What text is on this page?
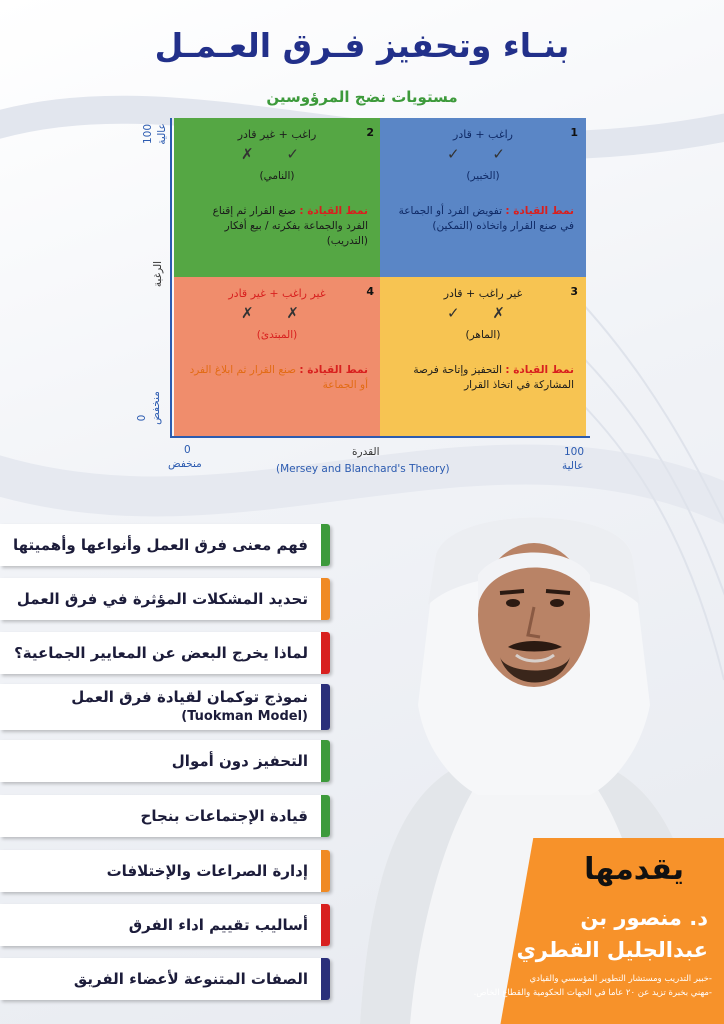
بنـاء وتحفيز فـرق العـمـل
مستويات نضج المرؤوسين
2
راغب + غير قادر
✓ ✗
(النامي)
نمط القيادة : صنع القرار ثم إقناع الفرد والجماعة بفكرته / بيع أفكار (التدريب)
1
راغب + قادر
✓ ✓
(الخبير)
نمط القيادة : تفويض الفرد أو الجماعة في صنع القرار واتخاذه (التمكين)
4
غير راغب + غير قادر
✗ ✗
(المبتدئ)
نمط القيادة : صنع القرار ثم ابلاغ الفرد أو الجماعة
3
غير راغب + قادر
✗ ✓
(الماهر)
نمط القيادة : التحفيز وإتاحة فرصة المشاركة في اتخاذ القرار
100 عالية
الرغبة
0 منخفض
0
منخفض
القدرة	100
عالية
(Mersey and Blanchard's Theory)
فهم معنى فرق العمل وأنواعها وأهميتها
تحديد المشكلات المؤثرة في فرق العمل
لماذا يخرج البعض عن المعايير الجماعية؟
نموذج توكمان لقيادة فرق العمل
(Tuokman Model)
التحفيز دون أموال
قيادة الإجتماعات بنجاح
إدارة الصراعات والإختلافات
أساليب تقييم اداء الفرق
الصفات المتنوعة لأعضاء الفريق
يقدمها
د. منصور بن عبدالجليل القطري
-خبير التدريب ومستشار التطوير المؤسسي والقيادي
-مهني بخبرة تزيد عن ٢٠ عاما في الجهات الحكومية والقطاع الخاص.
